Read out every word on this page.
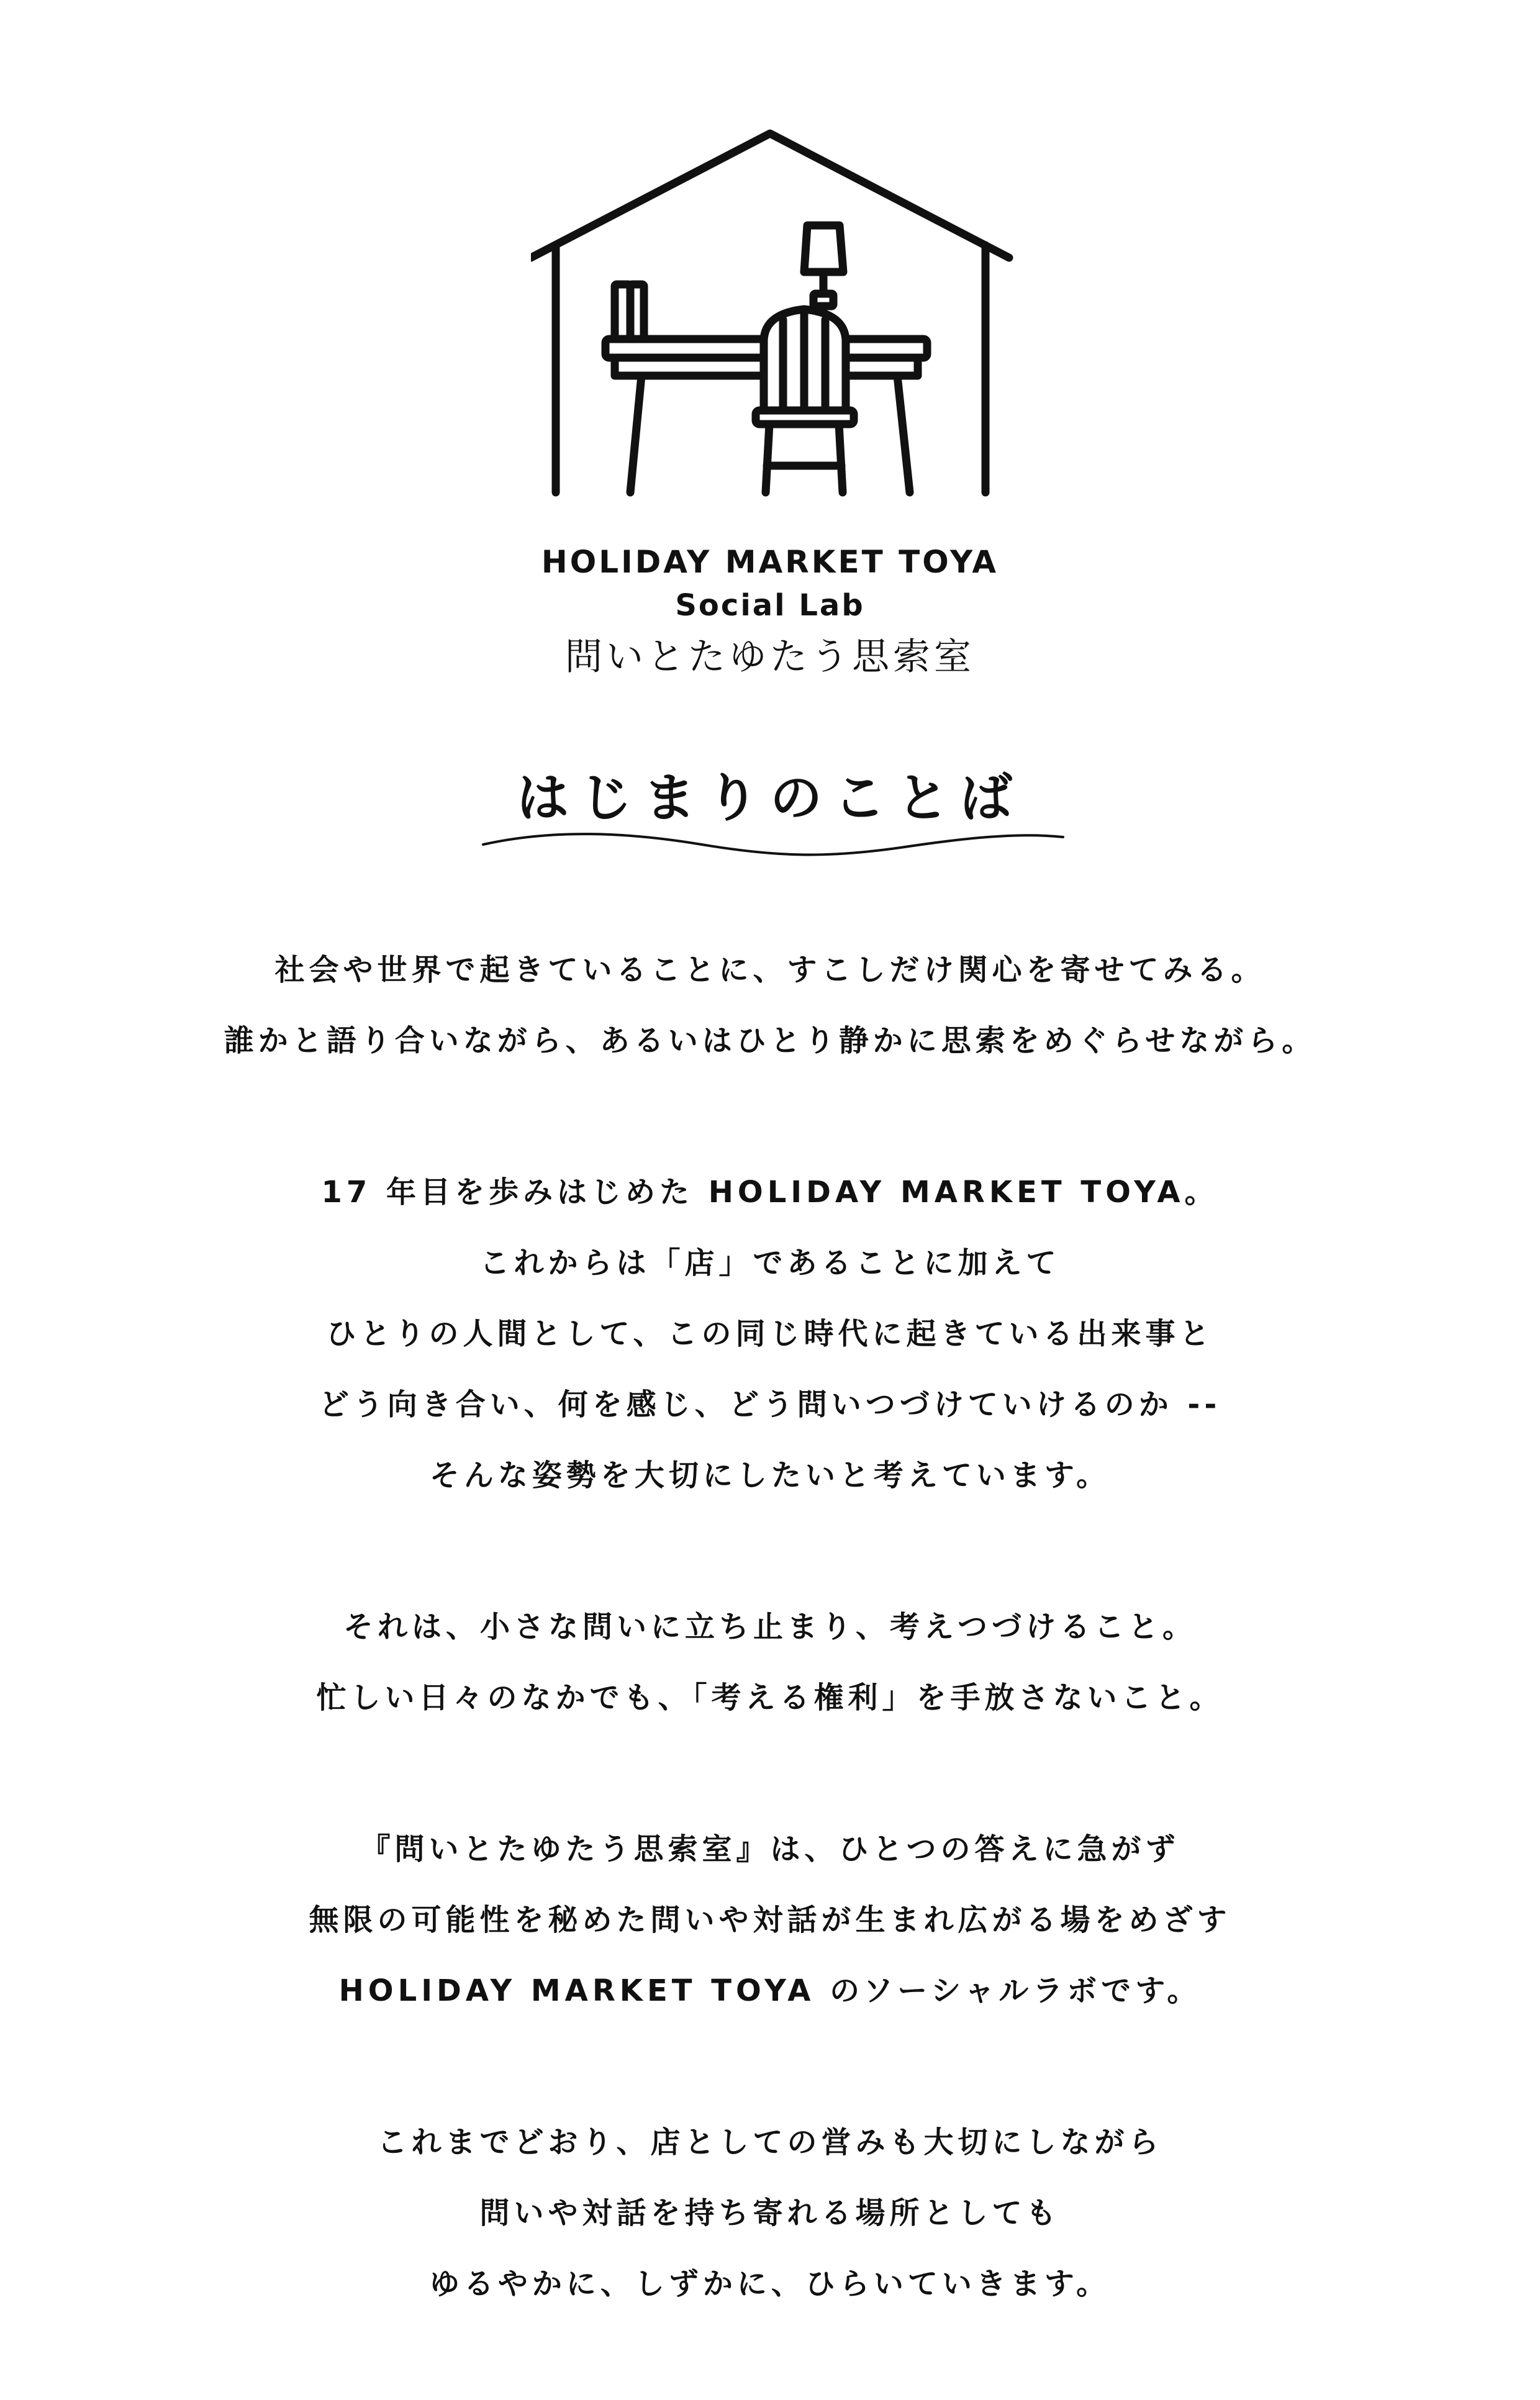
HOLIDAY MARKET TOYA
Social Lab
問いとたゆたう思索室
はじまりのことば
社会や世界で起きていることに、すこしだけ関心を寄せてみる。
誰かと語り合いながら、あるいはひとり静かに思索をめぐらせながら。
17 年目を歩みはじめた HOLIDAY MARKET TOYA。
これからは「店」であることに加えて
ひとりの人間として、この同じ時代に起きている出来事と
どう向き合い、何を感じ、どう問いつづけていけるのか --
そんな姿勢を大切にしたいと考えています。
それは、小さな問いに立ち止まり、考えつづけること。
忙しい日々のなかでも、「考える権利」を手放さないこと。
『問いとたゆたう思索室』は、ひとつの答えに急がず
無限の可能性を秘めた問いや対話が生まれ広がる場をめざす
HOLIDAY MARKET TOYA のソーシャルラボです。
これまでどおり、店としての営みも大切にしながら
問いや対話を持ち寄れる場所としても
ゆるやかに、しずかに、ひらいていきます。
